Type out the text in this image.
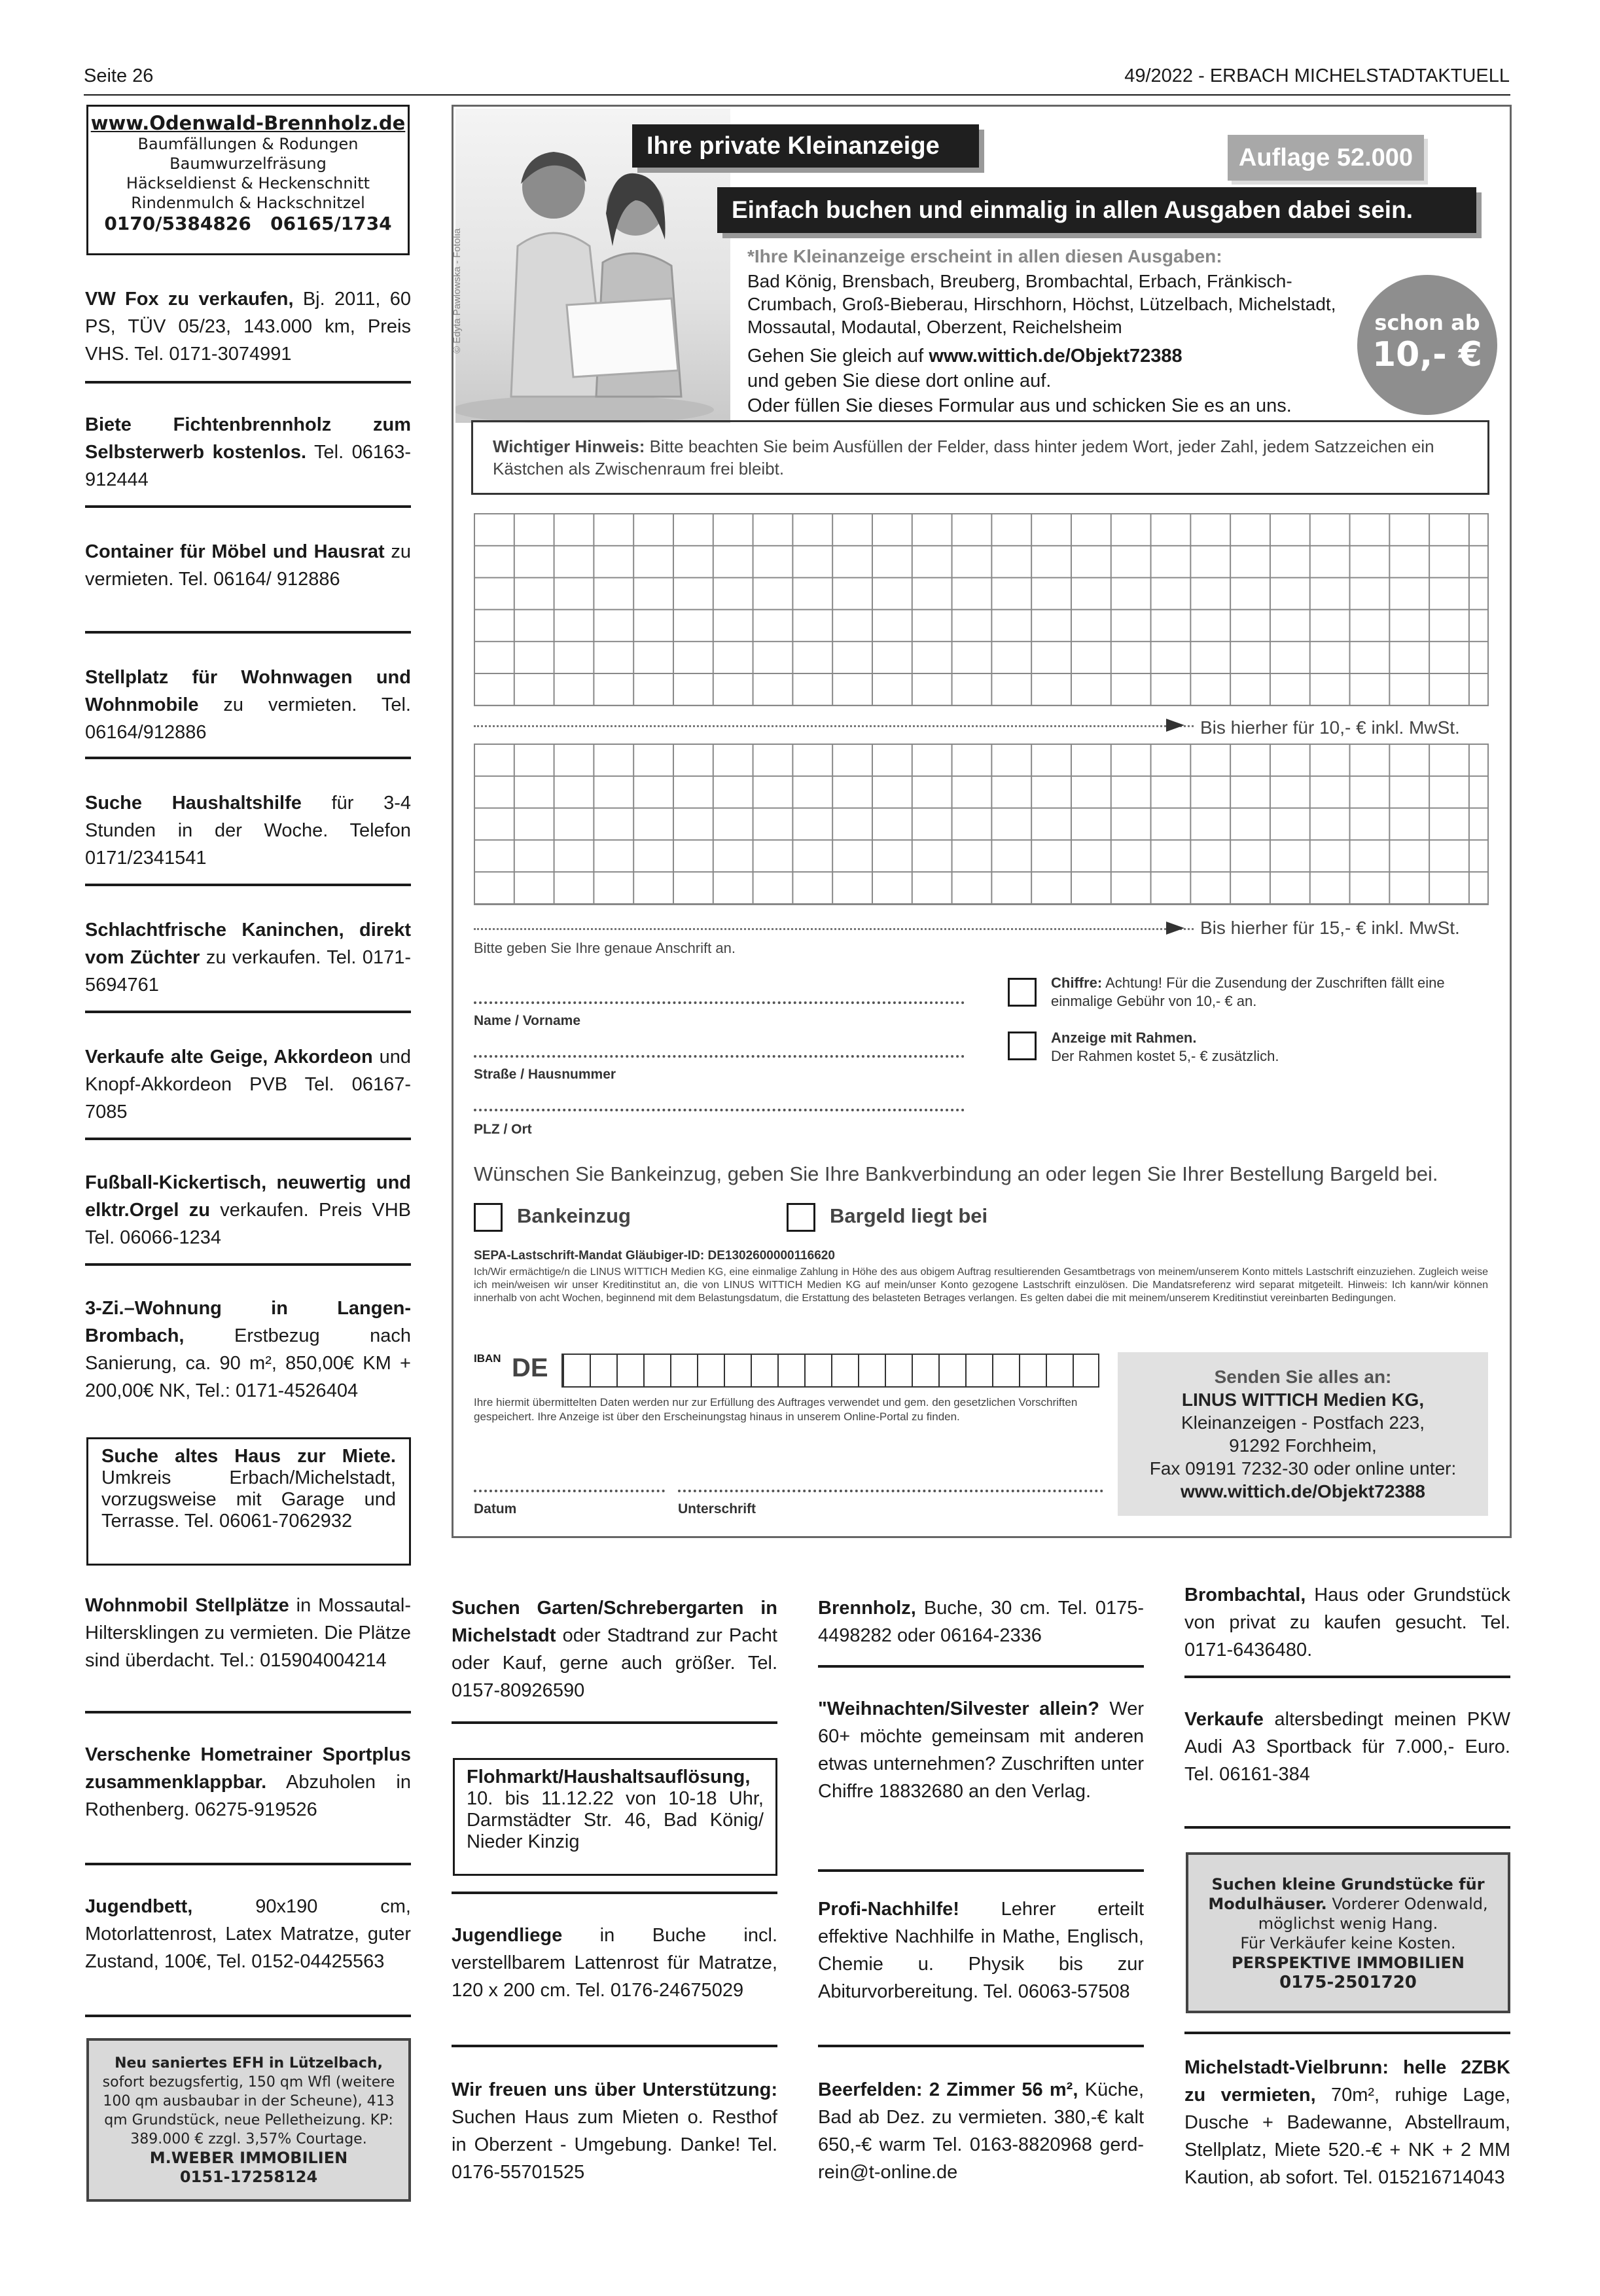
Seite 26	49/2022 - ERBACH MICHELSTADTAKTUELL
www.Odenwald-Brennholz.de
Baumfällungen & Rodungen
Baumwurzelfräsung
Häckseldienst & Heckenschnitt
Rindenmulch & Hackschnitzel
0170/5384826   06165/1734
VW Fox zu verkaufen, Bj. 2011, 60 PS, TÜV 05/23, 143.000 km, Preis VHS. Tel. 0171-3074991
Biete Fichtenbrennholz zum Selbsterwerb kostenlos. Tel. 06163-912444
Container für Möbel und Hausrat zu vermieten. Tel. 06164/ 912886
Stellplatz für Wohnwagen und Wohnmobile zu vermieten. Tel. 06164/912886
Suche Haushaltshilfe für 3-4 Stunden in der Woche. Telefon 0171/2341541
Schlachtfrische Kaninchen, direkt vom Züchter zu verkaufen. Tel. 0171-5694761
Verkaufe alte Geige, Akkordeon und Knopf-Akkordeon PVB Tel. 06167-7085
Fußball-Kickertisch, neuwertig und elktr.Orgel zu verkaufen. Preis VHB Tel. 06066-1234
3-Zi.–Wohnung in Langen-Brombach, Erstbezug nach Sanierung, ca. 90 m², 850,00€ KM + 200,00€ NK, Tel.: 0171-4526404
Suche altes Haus zur Miete. Umkreis Erbach/Michelstadt, vorzugsweise mit Garage und Terrasse. Tel. 06061-7062932
© Edyta Pawlowska - Fotolia
Ihre private Kleinanzeige	Auflage 52.000
Einfach buchen und einmalig in allen Ausgaben dabei sein.
*Ihre Kleinanzeige erscheint in allen diesen Ausgaben:
Bad König, Brensbach, Breuberg, Brombachtal, Erbach, Fränkisch-Crumbach, Groß-Bieberau, Hirschhorn, Höchst, Lützelbach, Michelstadt, Mossautal, Modautal, Oberzent, Reichelsheim
Gehen Sie gleich auf www.wittich.de/Objekt72388
und geben Sie diese dort online auf.
Oder füllen Sie dieses Formular aus und schicken Sie es an uns.
schon ab
10,- €
Wichtiger Hinweis: Bitte beachten Sie beim Ausfüllen der Felder, dass hinter jedem Wort, jeder Zahl, jedem Satzzeichen ein Kästchen als Zwischenraum frei bleibt.
Bis hierher für 10,- € inkl. MwSt.
Bis hierher für 15,- € inkl. MwSt.
Bitte geben Sie Ihre genaue Anschrift an.
Name / Vorname
Straße / Hausnummer
PLZ / Ort
Chiffre: Achtung! Für die Zusendung der Zuschriften fällt eine einmalige Gebühr von 10,- € an.
Anzeige mit Rahmen.
Der Rahmen kostet 5,- € zusätzlich.
Wünschen Sie Bankeinzug, geben Sie Ihre Bankverbindung an oder legen Sie Ihrer Bestellung Bargeld bei.
Bankeinzug	Bargeld liegt bei
SEPA-Lastschrift-Mandat Gläubiger-ID: DE1302600000116620
Ich/Wir ermächtige/n die LINUS WITTICH Medien KG, eine einmalige Zahlung in Höhe des aus obigem Auftrag resultierenden Gesamtbetrags von meinem/unserem Konto mittels Lastschrift einzuziehen. Zugleich weise ich mein/weisen wir unser Kreditinstitut an, die von LINUS WITTICH Medien KG auf mein/unser Konto gezogene Lastschrift einzulösen. Die Mandatsreferenz wird separat mitgeteilt. Hinweis: Ich kann/wir können innerhalb von acht Wochen, beginnend mit dem Belastungsdatum, die Erstattung des belasteten Betrages verlangen. Es gelten dabei die mit meinem/unserem Kreditinstiut vereinbarten Bedingungen.
IBAN DE
Ihre hiermit übermittelten Daten werden nur zur Erfüllung des Auftrages verwendet und gem. den gesetzlichen Vorschriften gespeichert. Ihre Anzeige ist über den Erscheinungstag hinaus in unserem Online-Portal zu finden.
Datum	Unterschrift
Senden Sie alles an:
LINUS WITTICH Medien KG,
Kleinanzeigen - Postfach 223,
91292 Forchheim,
Fax 09191 7232-30 oder online unter:
www.wittich.de/Objekt72388
Wohnmobil Stellplätze in Mossautal-Hiltersklingen zu vermieten. Die Plätze sind überdacht. Tel.: 015904004214
Verschenke Hometrainer Sportplus zusammenklappbar. Abzuholen in Rothenberg. 06275-919526
Jugendbett, 90x190 cm, Motorlattenrost, Latex Matratze, guter Zustand, 100€, Tel. 0152-04425563
Neu saniertes EFH in Lützelbach,
sofort bezugsfertig, 150 qm Wfl (weitere
100 qm ausbaubar in der Scheune), 413
qm Grundstück, neue Pelletheizung. KP:
389.000 € zzgl. 3,57% Courtage.
M.WEBER IMMOBILIEN
0151-17258124
Suchen Garten/Schrebergarten in Michelstadt oder Stadtrand zur Pacht oder Kauf, gerne auch größer. Tel. 0157-80926590
Flohmarkt/Haushaltsauflösung, 10. bis 11.12.22 von 10-18 Uhr, Darmstädter Str. 46, Bad König/ Nieder Kinzig
Jugendliege in Buche incl. verstellbarem Lattenrost für Matratze, 120 x 200 cm. Tel. 0176-24675029
Wir freuen uns über Unterstützung: Suchen Haus zum Mieten o. Resthof in Oberzent - Umgebung. Danke! Tel. 0176-55701525
Brennholz, Buche, 30 cm. Tel. 0175-4498282 oder 06164-2336
"Weihnachten/Silvester allein? Wer 60+ möchte gemeinsam mit anderen etwas unternehmen? Zuschriften unter Chiffre 18832680 an den Verlag.
Profi-Nachhilfe! Lehrer erteilt effektive Nachhilfe in Mathe, Englisch, Chemie u. Physik bis zur Abiturvorbereitung. Tel. 06063-57508
Beerfelden: 2 Zimmer 56 m², Küche, Bad ab Dez. zu vermieten. 380,-€ kalt 650,-€ warm Tel. 0163-8820968 gerd-rein@t-online.de
Brombachtal, Haus oder Grundstück von privat zu kaufen gesucht. Tel. 0171-6436480.
Verkaufe altersbedingt meinen PKW Audi A3 Sportback für 7.000,- Euro. Tel. 06161-384
Suchen kleine Grundstücke für
Modulhäuser. Vorderer Odenwald,
möglichst wenig Hang.
Für Verkäufer keine Kosten.
PERSPEKTIVE IMMOBILIEN
0175-2501720
Michelstadt-Vielbrunn: helle 2ZBK zu vermieten, 70m², ruhige Lage, Dusche + Badewanne, Abstellraum, Stellplatz, Miete 520.-€ + NK + 2 MM Kaution, ab sofort. Tel. 015216714043
